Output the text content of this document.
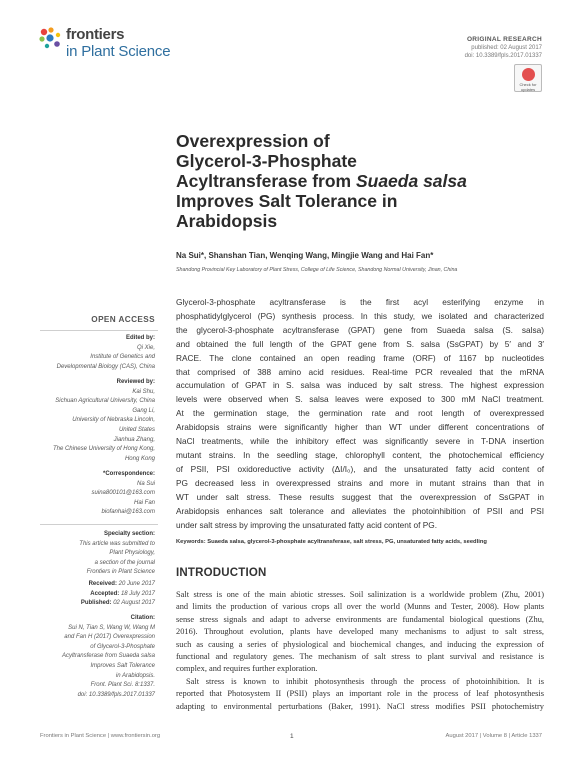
frontiers
in Plant Science
ORIGINAL RESEARCH
published: 02 August 2017
doi: 10.3389/fpls.2017.01337
Check for updates
Overexpression of
Glycerol-3-Phosphate
Acyltransferase from Suaeda salsa
Improves Salt Tolerance in
Arabidopsis
Na Sui*, Shanshan Tian, Wenqing Wang, Mingjie Wang and Hai Fan*
Shandong Provincial Key Laboratory of Plant Stress, College of Life Science, Shandong Normal University, Jinan, China
Glycerol-3-phosphate acyltransferase is the first acyl esterifying enzyme in
phosphatidylglycerol (PG) synthesis process. In this study, we isolated and characterized
the glycerol-3-phosphate acyltransferase (GPAT) gene from Suaeda salsa (S. salsa)
and obtained the full length of the GPAT gene from S. salsa (SsGPAT) by 5′ and 3′
RACE. The clone contained an open reading frame (ORF) of 1167 bp nucleotides
that comprised of 388 amino acid residues. Real-time PCR revealed that the mRNA
accumulation of GPAT in S. salsa was induced by salt stress. The highest expression
levels were observed when S. salsa leaves were exposed to 300 mM NaCl treatment.
At the germination stage, the germination rate and root length of overexpressed
Arabidopsis strains were significantly higher than WT under different concentrations of
NaCl treatments, while the inhibitory effect was significantly severe in T-DNA insertion
mutant strains. In the seedling stage, chlorophyll content, the photochemical efficiency
of PSII, PSI oxidoreductive activity (ΔI/I₀), and the unsaturated fatty acid content of
PG decreased less in overexpressed strains and more in mutant strains than that in
WT under salt stress. These results suggest that the overexpression of SsGPAT in
Arabidopsis enhances salt tolerance and alleviates the photoinhibition of PSII and PSI
under salt stress by improving the unsaturated fatty acid content of PG.
Keywords: Suaeda salsa, glycerol-3-phosphate acyltransferase, salt stress, PG, unsaturated fatty acids, seedling
INTRODUCTION
Salt stress is one of the main abiotic stresses. Soil salinization is a worldwide problem (Zhu, 2001)
and limits the production of various crops all over the world (Munns and Tester, 2008). How plants
sense stress signals and adapt to adverse environments are fundamental biological questions (Zhu,
2016). Throughout evolution, plants have developed many mechanisms to adjust to salt stress,
such as causing a series of physiological and biochemical changes, and inducing the expression of
functional and regulatory genes. The mechanism of salt stress to plant survival and resistance is
complex, and requires further exploration.
Salt stress is known to inhibit photosynthesis through the process of photoinhibition. It is
reported that Photosystem II (PSII) plays an important role in the process of leaf photosynthesis
adapting to environmental perturbations (Baker, 1991). NaCl stress modifies PSII photochemistry
OPEN ACCESS
Edited by:
Qi Xie,
Institute of Genetics and
Developmental Biology (CAS), China
Reviewed by:
Kai Shu,
Sichuan Agricultural University, China
Gang Li,
University of Nebraska Lincoln,
United States
Jianhua Zhang,
The Chinese University of Hong Kong,
Hong Kong
*Correspondence:
Na Sui
suina800101@163.com
Hai Fan
biofanhai@163.com
Specialty section:
This article was submitted to
Plant Physiology,
a section of the journal
Frontiers in Plant Science
Received: 20 June 2017
Accepted: 18 July 2017
Published: 02 August 2017
Citation:
Sui N, Tian S, Wang W, Wang M
and Fan H (2017) Overexpression
of Glycerol-3-Phosphate
Acyltransferase from Suaeda salsa
Improves Salt Tolerance
in Arabidopsis.
Front. Plant Sci. 8:1337.
doi: 10.3389/fpls.2017.01337
Frontiers in Plant Science | www.frontiersin.org	1	August 2017 | Volume 8 | Article 1337
